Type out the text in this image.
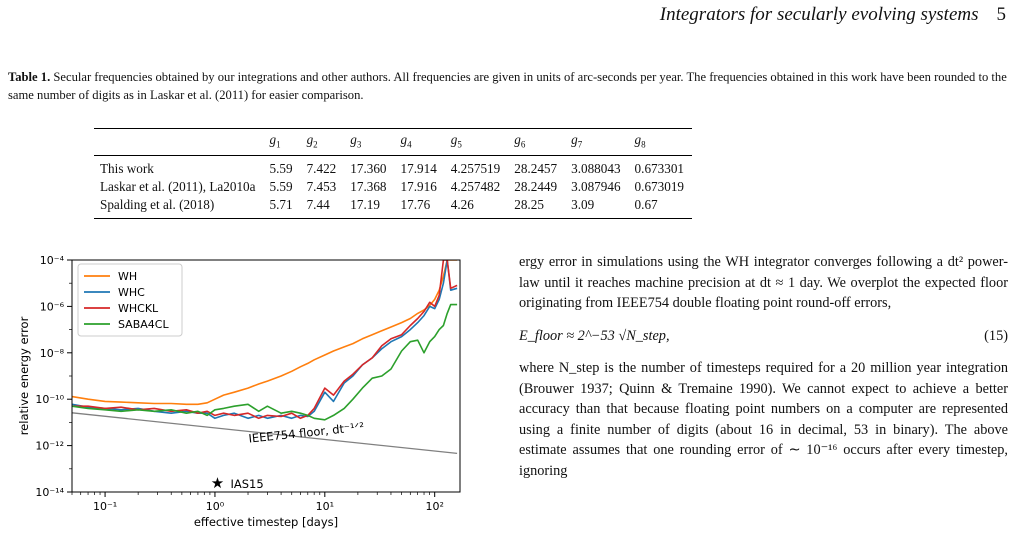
Integrators for secularly evolving systems 5
Table 1. Secular frequencies obtained by our integrations and other authors. All frequencies are given in units of arc-seconds per year. The frequencies obtained in this work have been rounded to the same number of digits as in Laskar et al. (2011) for easier comparison.
	$g_1$	$g_2$	$g_3$	$g_4$	$g_5$	$g_6$	$g_7$	$g_8$
This work	5.59	7.422	17.360	17.914	4.257519	28.2457	3.088043	0.673301
Laskar et al. (2011), La2010a	5.59	7.453	17.368	17.916	4.257482	28.2449	3.087946	0.673019
Spalding et al. (2018)	5.71	7.44	17.19	17.76	4.26	28.25	3.09	0.67

ergy error in simulations using the WH integrator converges following a dt² power-law until it reaches machine precision at dt ≈ 1 day. We overplot the expected floor originating from IEEE754 double floating point round-off errors,

E_floor ≈ 2^−53 √N_step,	(15)

where N_step is the number of timesteps required for a 20 million year integration (Brouwer 1937; Quinn & Tremaine 1990). We cannot expect to achieve a better accuracy than that because floating point numbers on a computer are represented using a finite number of digits (about 16 in decimal, 53 in binary). The above estimate assumes that one rounding error of ∼ 10⁻¹⁶ occurs after every timestep, ignoring

10⁻¹	10⁰	10¹	10²
10⁻⁴
10⁻⁶
10⁻⁸
10⁻¹⁰
10⁻¹²
10⁻¹⁴
effective timestep [days]
relative energy error
WH
WHC
WHCKL
SABA4CL
IEEE754 floor, dt⁻¹ᐟ²
★ IAS15
